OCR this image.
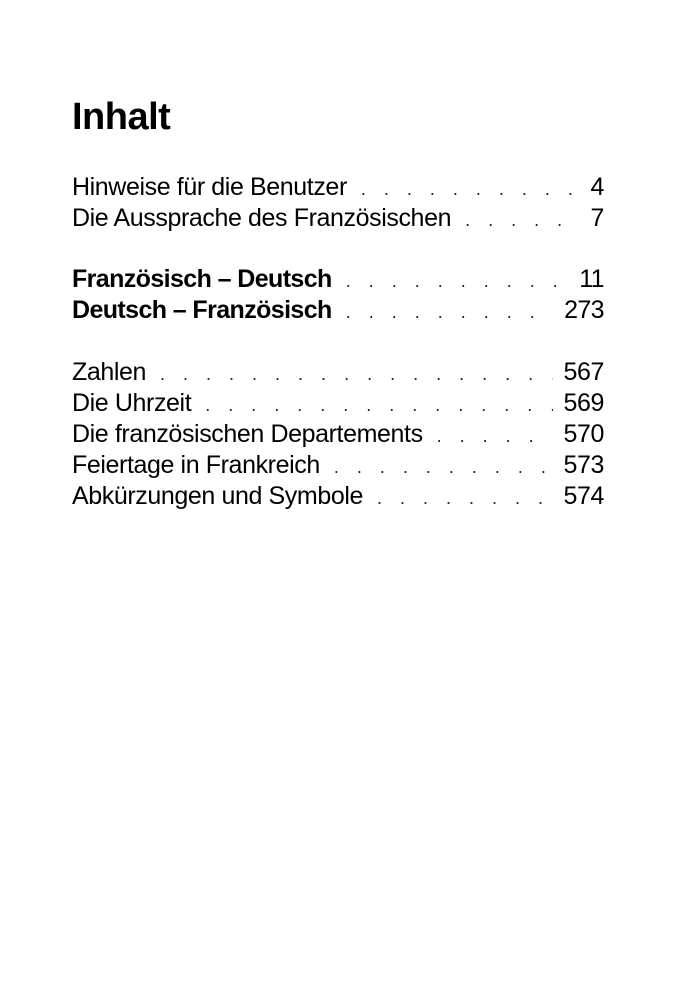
Inhalt
Hinweise für die Benutzer . . .	4
Die Aussprache des Französischen . . .	7
Französisch – Deutsch . . .	11
Deutsch – Französisch . . .	273
Zahlen . . .	567
Die Uhrzeit . . .	569
Die französischen Departements . . .	570
Feiertage in Frankreich . . .	573
Abkürzungen und Symbole . . .	574
